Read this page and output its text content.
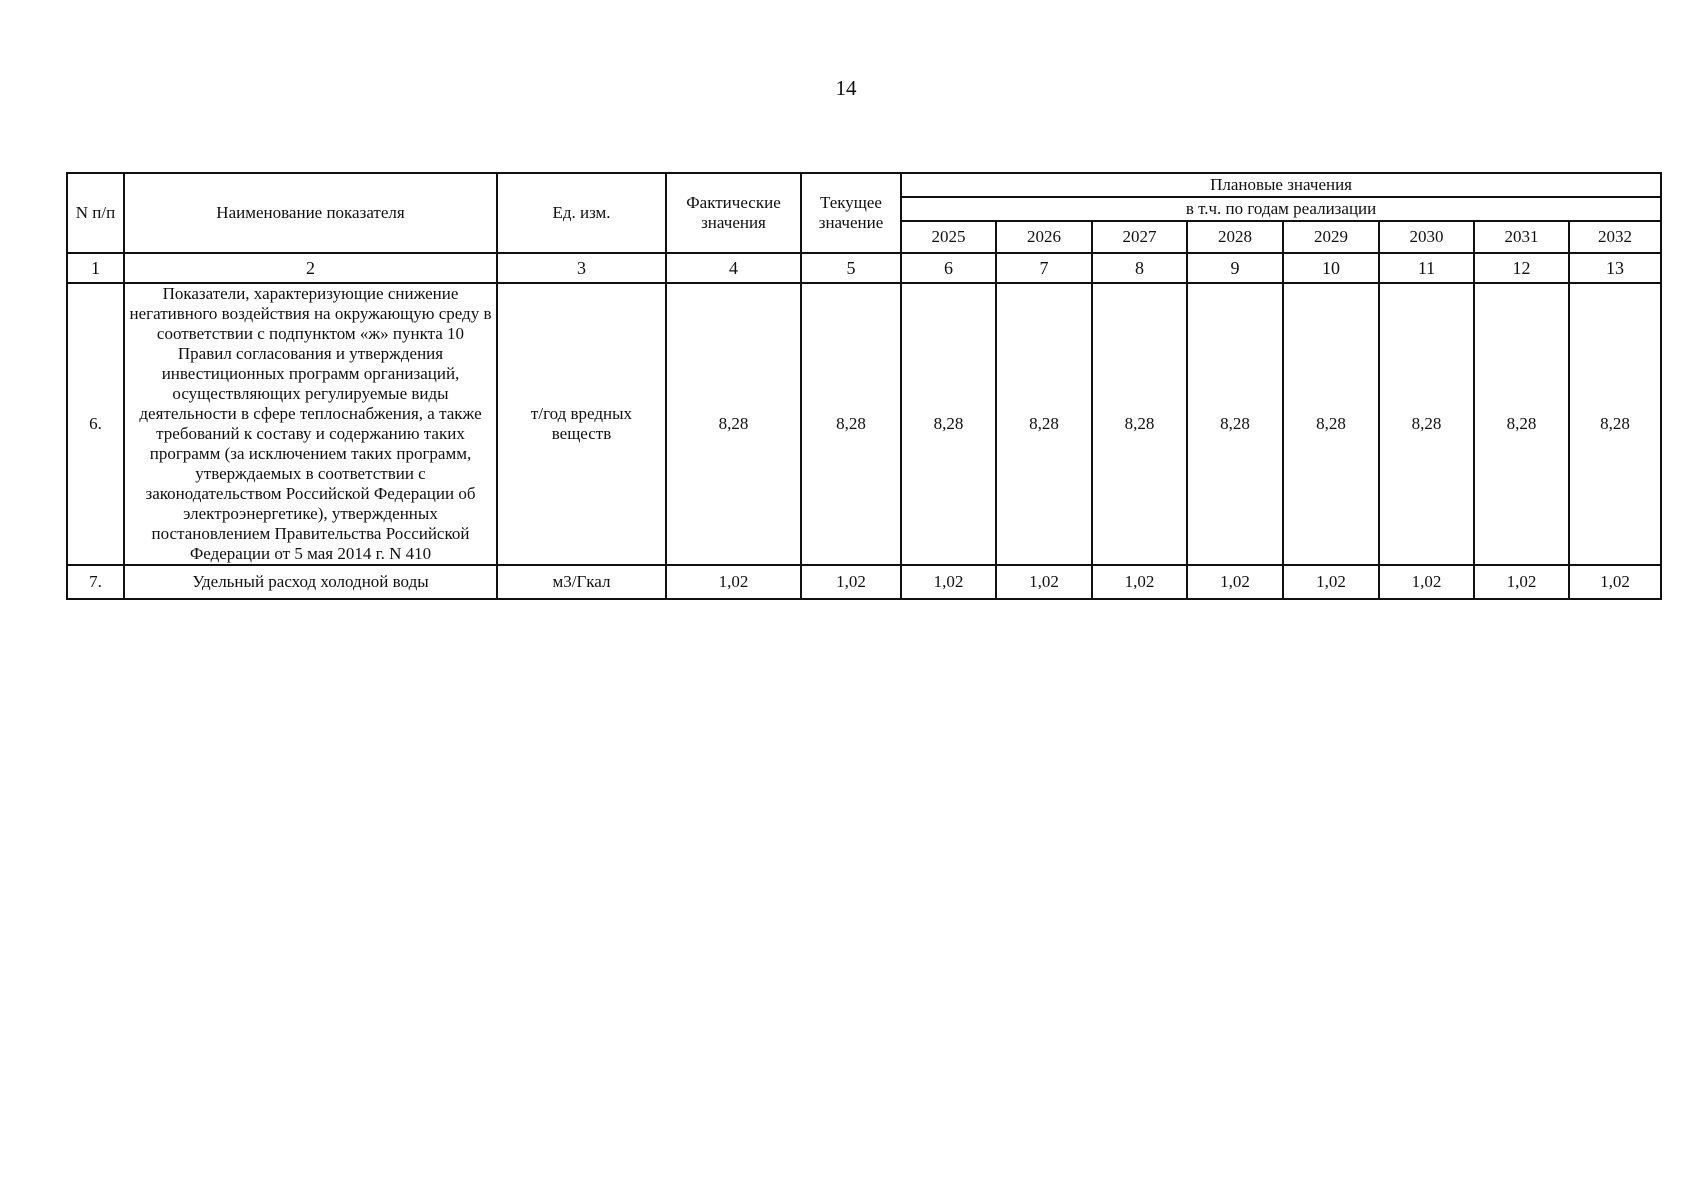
14
N п/п	Наименование показателя	Ед. изм.	Фактические значения	Текущее значение	Плановые значения							
					в т.ч. по годам реализации							
					2025	2026	2027	2028	2029	2030	2031	2032
1	2	3	4	5	6	7	8	9	10	11	12	13
6.	Показатели, характеризующие снижение негативного воздействия на окружающую среду в соответствии с подпунктом «ж» пункта 10 Правил согласования и утверждения инвестиционных программ организаций, осуществляющих регулируемые виды деятельности в сфере теплоснабжения, а также требований к составу и содержанию таких программ (за исключением таких программ, утверждаемых в соответствии с законодательством Российской Федерации об электроэнергетике), утвержденных постановлением Правительства Российской Федерации от 5 мая 2014 г. N 410	т/год вредных веществ	8,28	8,28	8,28	8,28	8,28	8,28	8,28	8,28	8,28	8,28
7.	Удельный расход холодной воды	м3/Гкал	1,02	1,02	1,02	1,02	1,02	1,02	1,02	1,02	1,02	1,02
